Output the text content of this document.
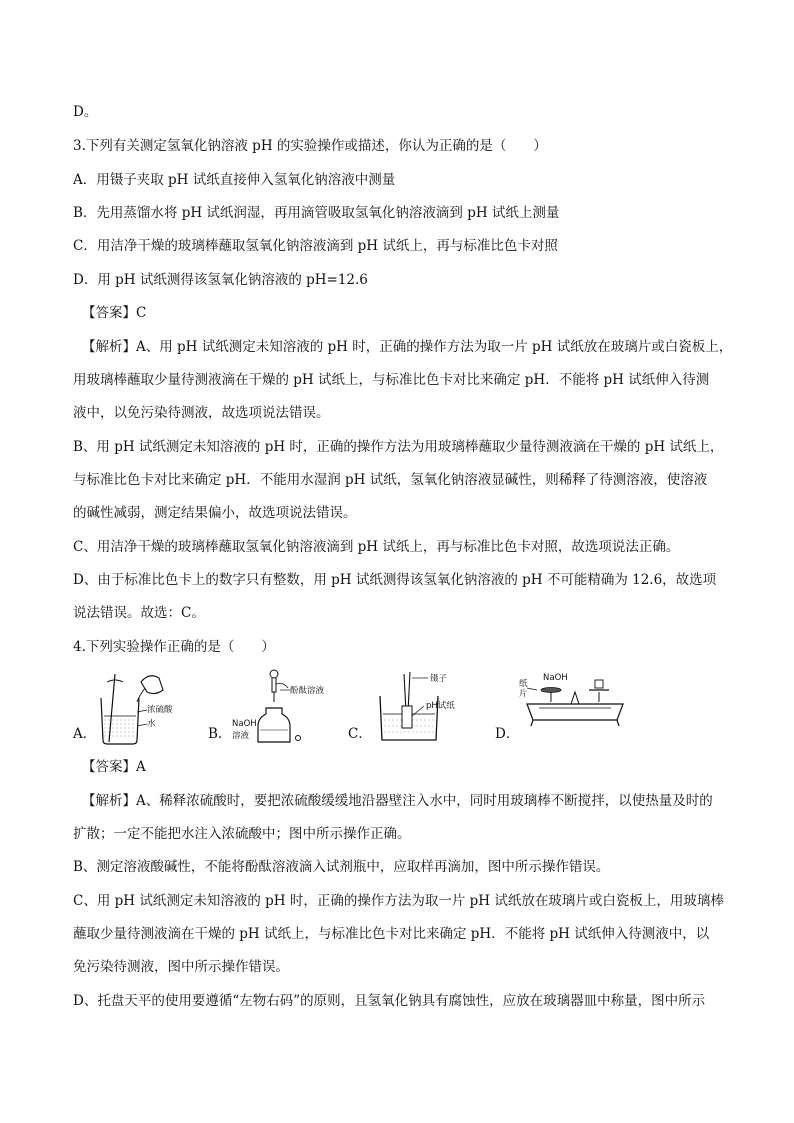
D。
3.下列有关测定氢氧化钠溶液 pH 的实验操作或描述，你认为正确的是（　　）
A．用镊子夹取 pH 试纸直接伸入氢氧化钠溶液中测量
B．先用蒸馏水将 pH 试纸润湿，再用滴管吸取氢氧化钠溶液滴到 pH 试纸上测量
C．用洁净干燥的玻璃棒蘸取氢氧化钠溶液滴到 pH 试纸上，再与标准比色卡对照
D．用 pH 试纸测得该氢氧化钠溶液的 pH=12.6
【答案】C
【解析】A、用 pH 试纸测定未知溶液的 pH 时，正确的操作方法为取一片 pH 试纸放在玻璃片或白瓷板上，
用玻璃棒蘸取少量待测液滴在干燥的 pH 试纸上，与标准比色卡对比来确定 pH．不能将 pH 试纸伸入待测
液中，以免污染待测液，故选项说法错误。
B、用 pH 试纸测定未知溶液的 pH 时，正确的操作方法为用玻璃棒蘸取少量待测液滴在干燥的 pH 试纸上，
与标准比色卡对比来确定 pH．不能用水湿润 pH 试纸，氢氧化钠溶液显碱性，则稀释了待测溶液，使溶液
的碱性减弱，测定结果偏小，故选项说法错误。
C、用洁净干燥的玻璃棒蘸取氢氧化钠溶液滴到 pH 试纸上，再与标准比色卡对照，故选项说法正确。
D、由于标准比色卡上的数字只有整数，用 pH 试纸测得该氢氧化钠溶液的 pH 不可能精确为 12.6，故选项
说法错误。故选：C。
4.下列实验操作正确的是（　　）
A．
浓硫酸
水
B．
酚酞溶液
NaOH
溶液	C．
镊子
pH试纸
D．
NaOH
纸
片
【答案】A
【解析】A、稀释浓硫酸时，要把浓硫酸缓缓地沿器壁注入水中，同时用玻璃棒不断搅拌，以使热量及时的
扩散；一定不能把水注入浓硫酸中；图中所示操作正确。
B、测定溶液酸碱性，不能将酚酞溶液滴入试剂瓶中，应取样再滴加，图中所示操作错误。
C、用 pH 试纸测定未知溶液的 pH 时，正确的操作方法为取一片 pH 试纸放在玻璃片或白瓷板上，用玻璃棒
蘸取少量待测液滴在干燥的 pH 试纸上，与标准比色卡对比来确定 pH．不能将 pH 试纸伸入待测液中，以
免污染待测液，图中所示操作错误。
D、托盘天平的使用要遵循“左物右码”的原则，且氢氧化钠具有腐蚀性，应放在玻璃器皿中称量，图中所示
